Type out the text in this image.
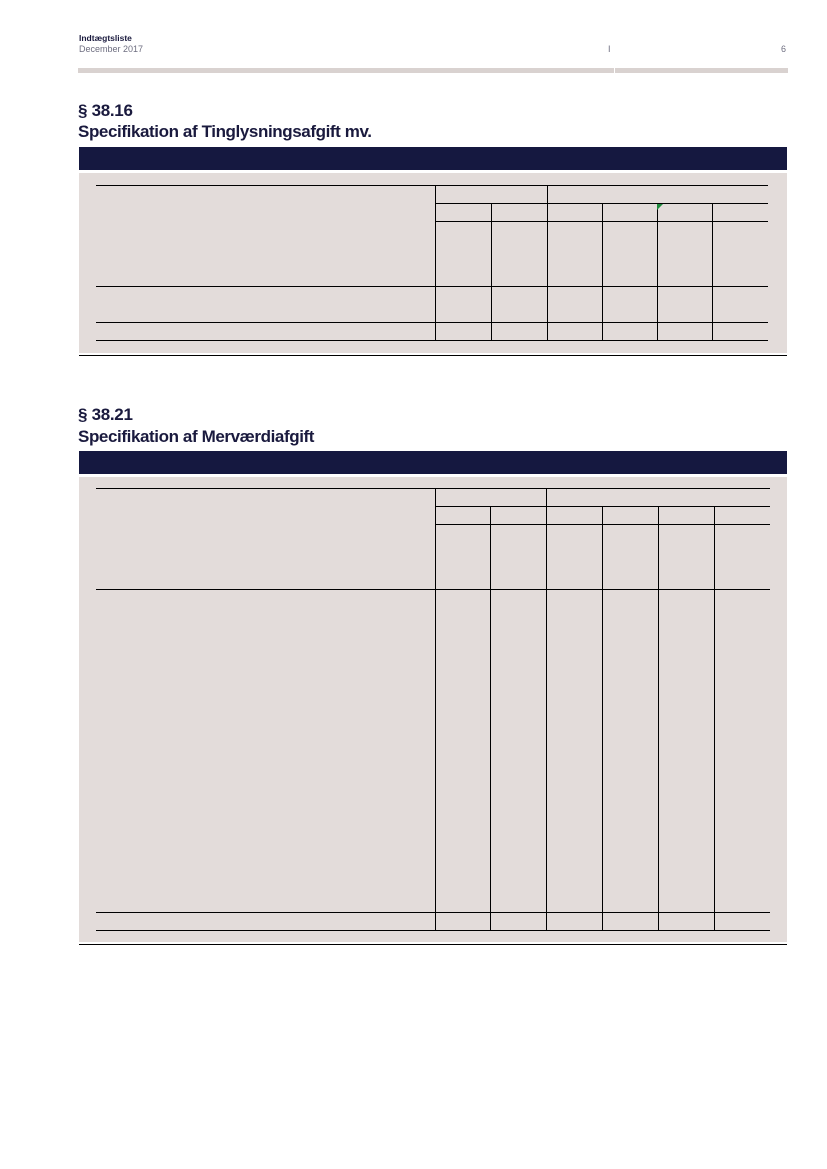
Indtægtsliste
December 2017	I	6
§ 38.16
Specifikation af Tinglysningsafgift mv.
§ 38.21
Specifikation af Merværdiafgift
